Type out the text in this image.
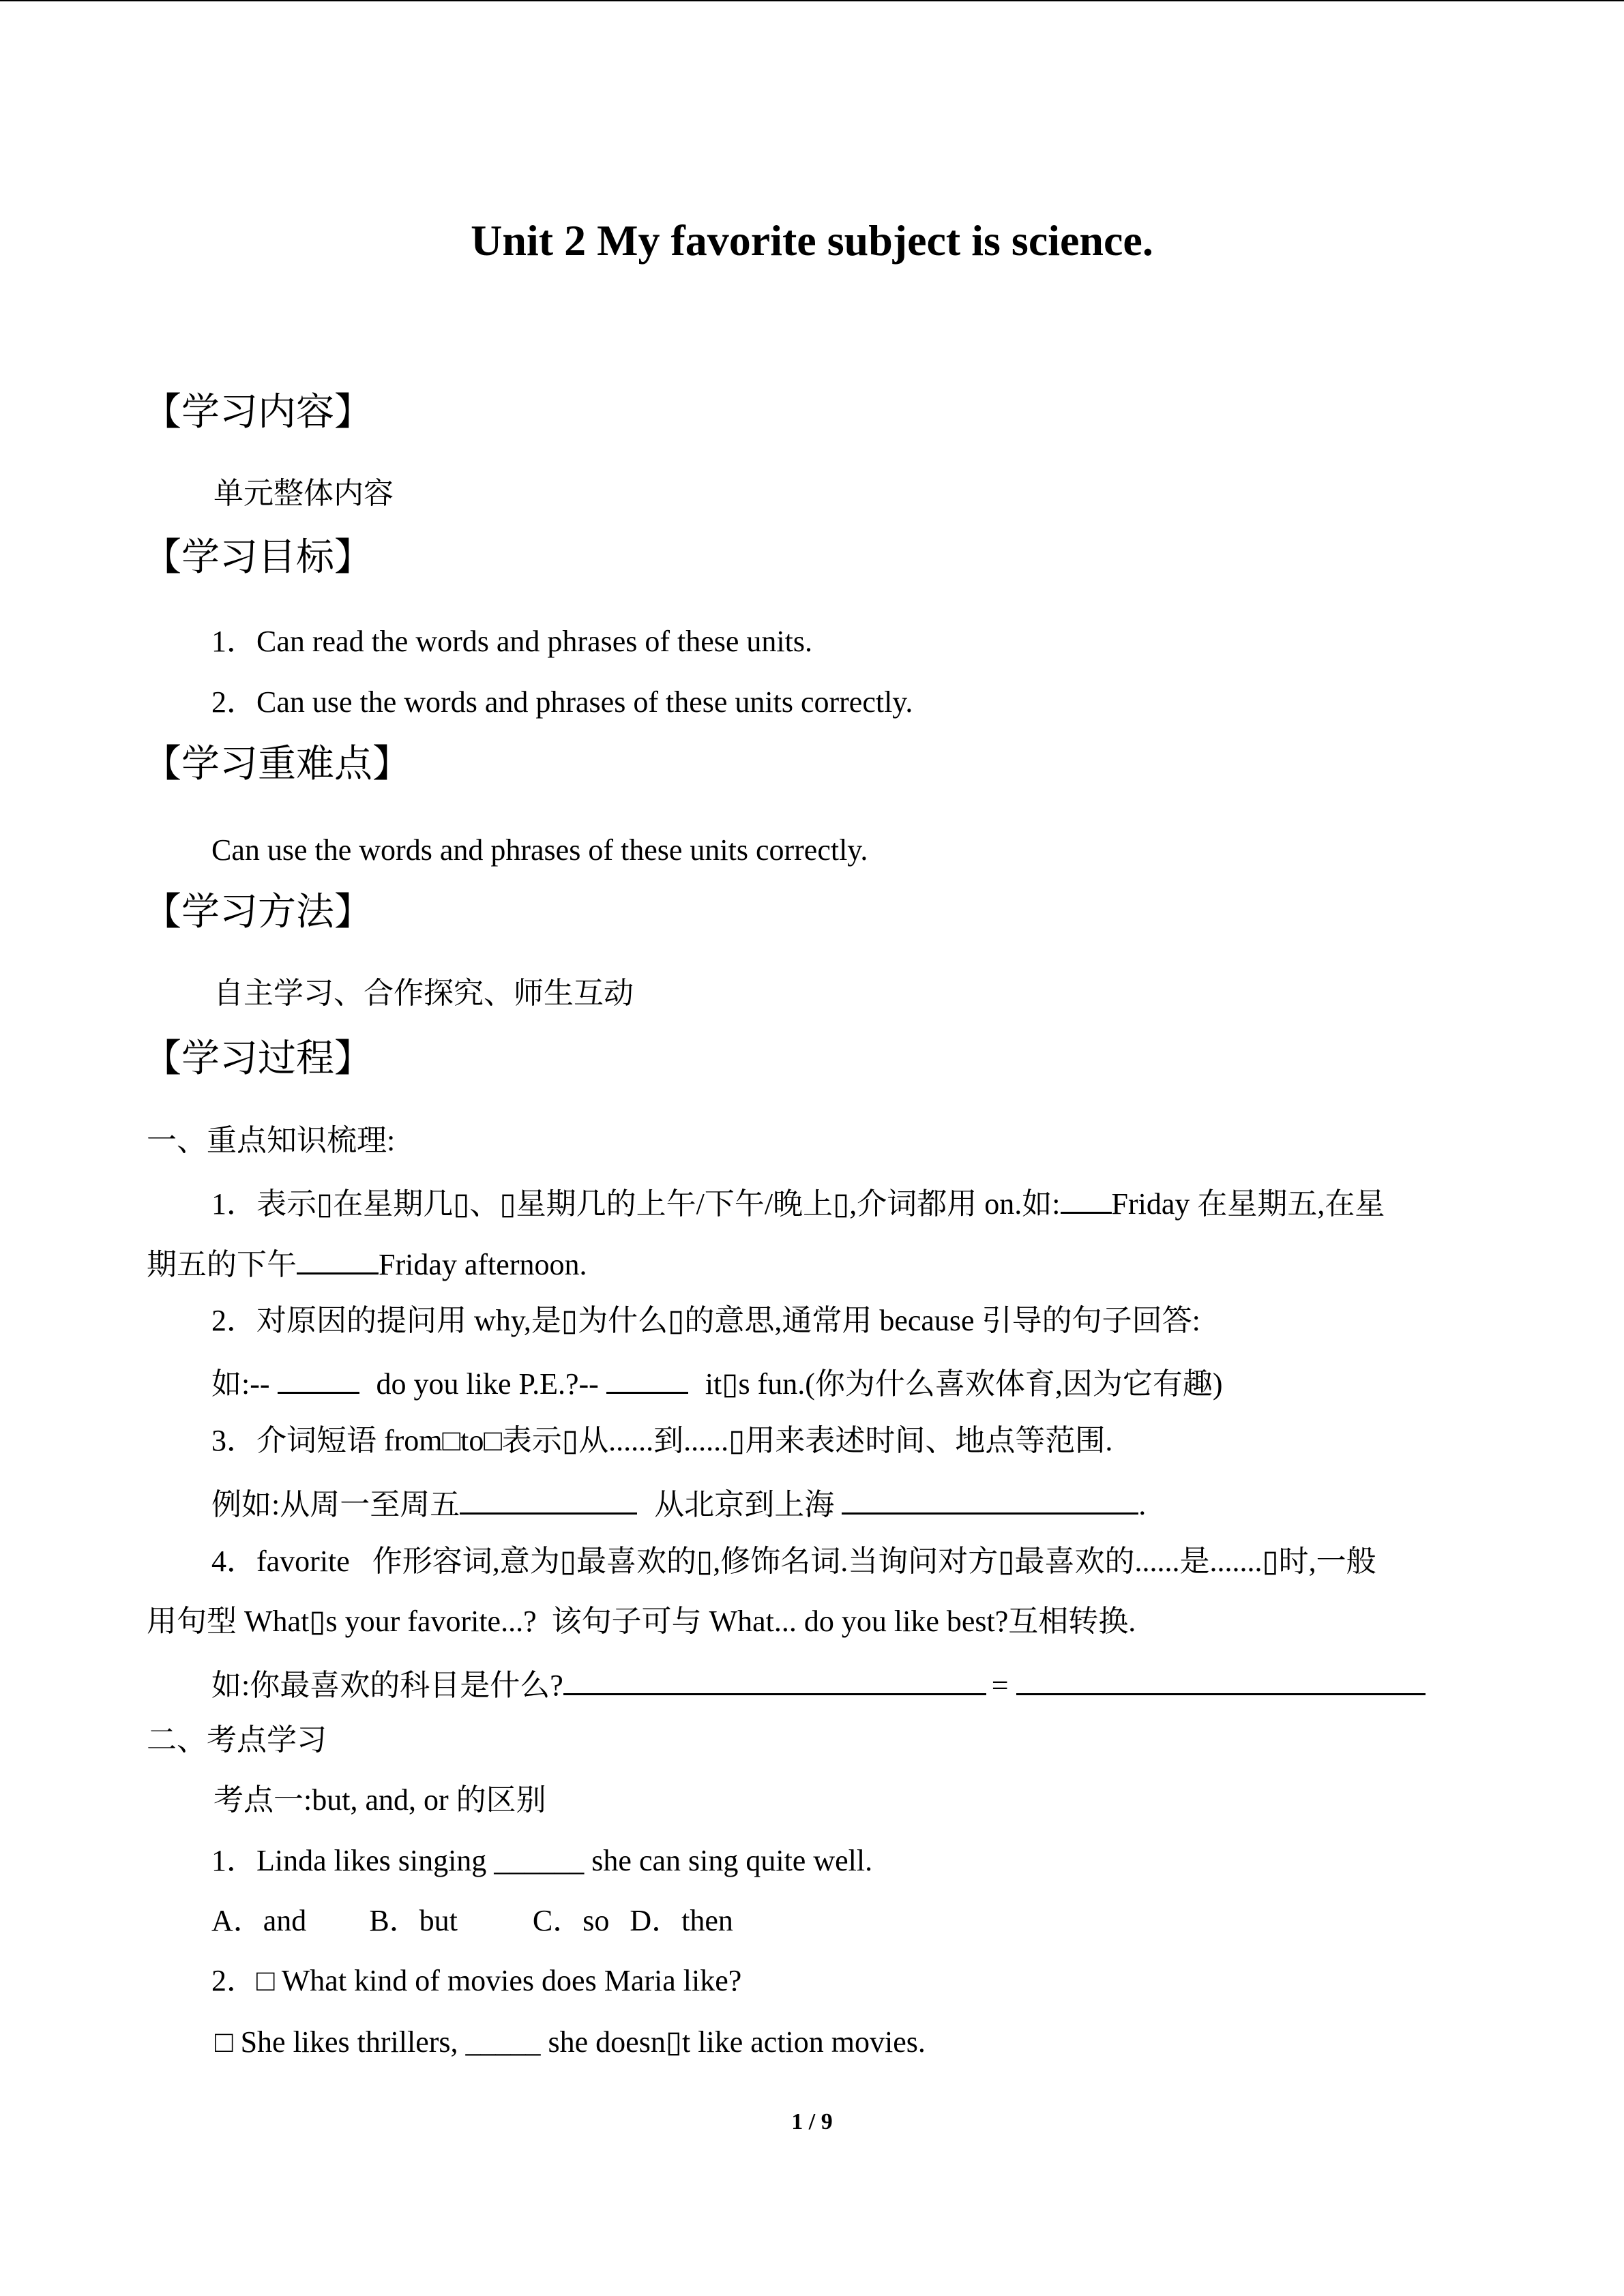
Unit 2 My favorite subject is science.
【学习内容】
单元整体内容
【学习目标】
1．Can read the words and phrases of these units.
2．Can use the words and phrases of these units correctly.
【学习重难点】
Can use the words and phrases of these units correctly.
【学习方法】
自主学习、合作探究、师生互动
【学习过程】
一、重点知识梳理:
1．表示▯在星期几▯、▯星期几的上午/下午/晚上▯,介词都用 on.如: Friday 在星期五,在星
期五的下午	Friday afternoon.
2．对原因的提问用 why,是▯为什么▯的意思,通常用 because 引导的句子回答:
如:--	do you like P.E.?--	it▯s fun.(你为什么喜欢体育,因为它有趣)
3．介词短语 from□to□表示▯从......到......▯用来表述时间、地点等范围.
例如:从周一至周五	从北京到上海	.
4．favorite   作形容词,意为▯最喜欢的▯,修饰名词.当询问对方▯最喜欢的......是.......▯时,一般
用句型 What▯s your favorite...?  该句子可与 What... do you like best?互相转换.
如:你最喜欢的科目是什么?	=
二、考点学习
考点一:but, and, or 的区别
1．Linda likes singing ______ she can sing quite well.
A．and B．but	C．so D．then
2．□ What kind of movies does Maria like?
□ She likes thrillers, _____ she doesn▯t like action movies.
1 / 9
